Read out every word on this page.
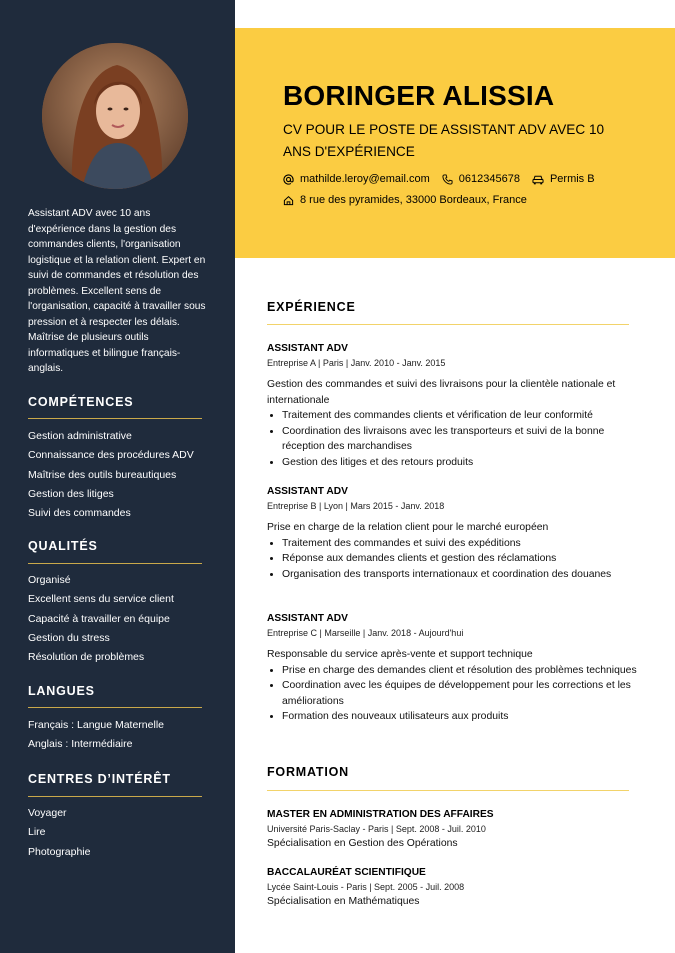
Assistant ADV avec 10 ans d'expérience dans la gestion des commandes clients, l'organisation logistique et la relation client. Expert en suivi de commandes et résolution des problèmes. Excellent sens de l'organisation, capacité à travailler sous pression et à respecter les délais. Maîtrise de plusieurs outils informatiques et bilingue français-anglais.
COMPÉTENCES
Gestion administrative
Connaissance des procédures ADV
Maîtrise des outils bureautiques
Gestion des litiges
Suivi des commandes
QUALITÉS
Organisé
Excellent sens du service client
Capacité à travailler en équipe
Gestion du stress
Résolution de problèmes
LANGUES
Français : Langue Maternelle
Anglais : Intermédiaire
CENTRES D’INTÉRÊT
Voyager
Lire
Photographie
BORINGER ALISSIA

CV POUR LE POSTE DE ASSISTANT ADV AVEC 10 ANS D'EXPÉRIENCE

mathilde.leroy@email.com	0612345678	Permis B
8 rue des pyramides, 33000 Bordeaux, France
EXPÉRIENCE
ASSISTANT ADV
Entreprise A | Paris | Janv. 2010 - Janv. 2015
Gestion des commandes et suivi des livraisons pour la clientèle nationale et internationale
• Traitement des commandes clients et vérification de leur conformité
• Coordination des livraisons avec les transporteurs et suivi de la bonne réception des marchandises
• Gestion des litiges et des retours produits
ASSISTANT ADV
Entreprise B | Lyon | Mars 2015 - Janv. 2018
Prise en charge de la relation client pour le marché européen
• Traitement des commandes et suivi des expéditions
• Réponse aux demandes clients et gestion des réclamations
• Organisation des transports internationaux et coordination des douanes
ASSISTANT ADV
Entreprise C | Marseille | Janv. 2018 - Aujourd'hui
Responsable du service après-vente et support technique
• Prise en charge des demandes client et résolution des problèmes techniques
• Coordination avec les équipes de développement pour les corrections et les améliorations
• Formation des nouveaux utilisateurs aux produits
FORMATION
MASTER EN ADMINISTRATION DES AFFAIRES
Université Paris-Saclay - Paris | Sept. 2008 - Juil. 2010
Spécialisation en Gestion des Opérations
BACCALAURÉAT SCIENTIFIQUE
Lycée Saint-Louis - Paris | Sept. 2005 - Juil. 2008
Spécialisation en Mathématiques
